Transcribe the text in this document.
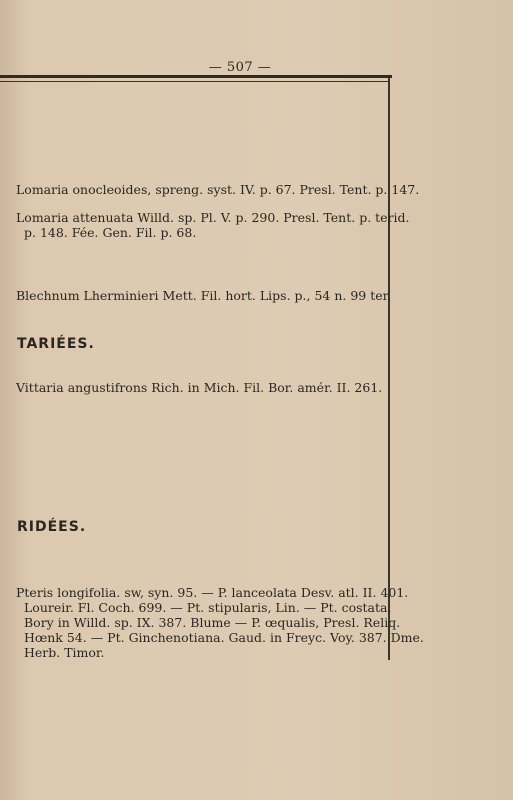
— 507 —
Lomaria onocleoides, spreng. syst. IV. p. 67. Presl. Tent. p. 147.
Lomaria attenuata Willd. sp. Pl. V. p. 290. Presl. Tent. p. terid.
p. 148. Fée. Gen. Fil. p. 68.
Blechnum Lherminieri Mett. Fil. hort. Lips. p., 54 n. 99 ter.
TARIÉES.
Vittaria angustifrons Rich. in Mich. Fil. Bor. amér. II. 261.
RIDÉES.
Pteris longifolia. sw, syn. 95. — P. lanceolata Desv. atl. II. 401.
Loureir. Fl. Coch. 699. — Pt. stipularis, Lin. — Pt. costata,
Bory in Willd. sp. IX. 387. Blume — P. œqualis, Presl. Reliq.
Hœnk 54. — Pt. Ginchenotiana. Gaud. in Freyc. Voy. 387. Dme.
Herb. Timor.
